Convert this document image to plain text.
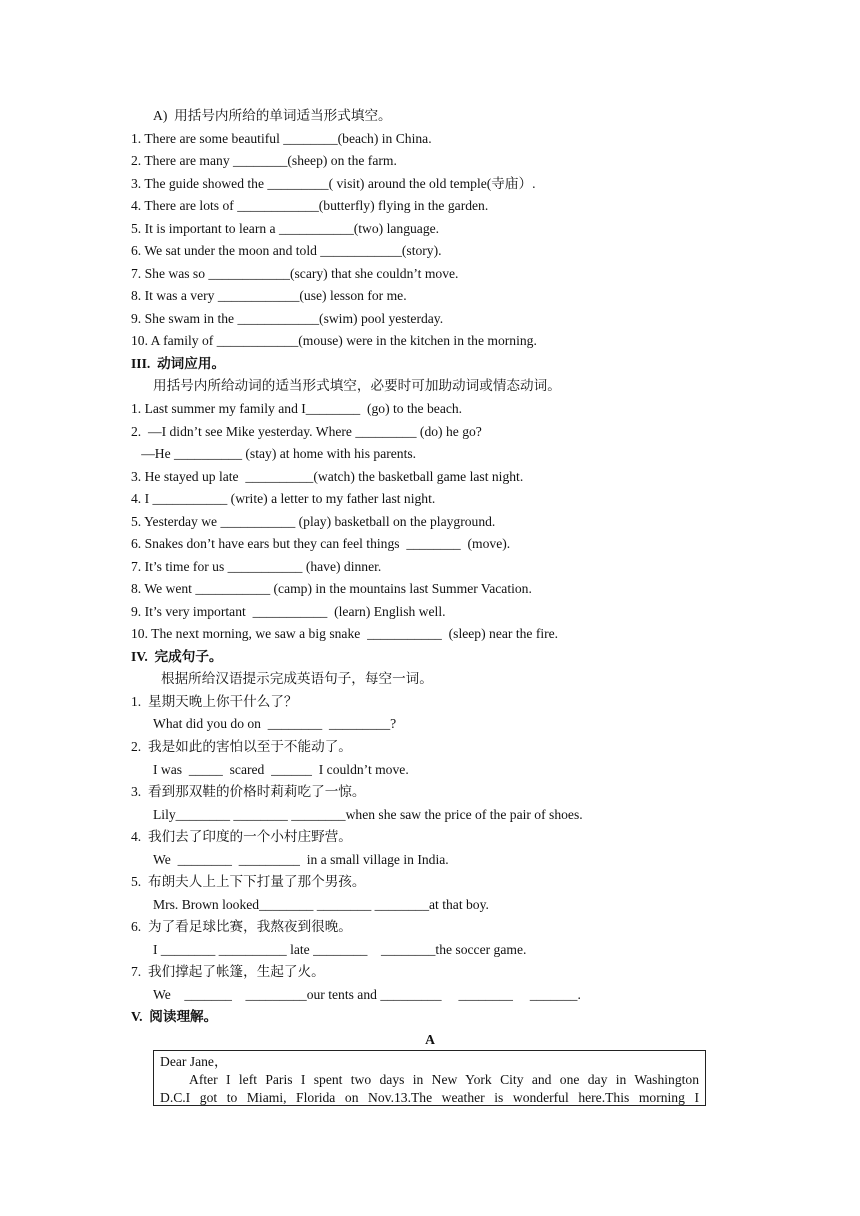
A)  用括号内所给的单词适当形式填空。
1. There are some beautiful ________(beach) in China.
2. There are many ________(sheep) on the farm.
3. The guide showed the _________( visit) around the old temple(寺庙）.
4. There are lots of ____________(butterfly) flying in the garden.
5. It is important to learn a ___________(two) language.
6. We sat under the moon and told ____________(story).
7. She was so ____________(scary) that she couldn’t move.
8. It was a very ____________(use) lesson for me.
9. She swam in the ____________(swim) pool yesterday.
10. A family of ____________(mouse) were in the kitchen in the morning.
III.  动词应用。
用括号内所给动词的适当形式填空，必要时可加助动词或情态动词。
1. Last summer my family and I________  (go) to the beach.
2.  —I didn’t see Mike yesterday. Where _________ (do) he go?
—He __________ (stay) at home with his parents.
3. He stayed up late  __________(watch) the basketball game last night.
4. I ___________ (write) a letter to my father last night.
5. Yesterday we ___________ (play) basketball on the playground.
6. Snakes don’t have ears but they can feel things  ________  (move).
7. It’s time for us ___________ (have) dinner.
8. We went ___________ (camp) in the mountains last Summer Vacation.
9. It’s very important  ___________  (learn) English well.
10. The next morning, we saw a big snake  ___________  (sleep) near the fire.
IV.  完成句子。
根据所给汉语提示完成英语句子，每空一词。
1.  星期天晚上你干什么了？
What did you do on  ________  _________?
2.  我是如此的害怕以至于不能动了。
I was  _____  scared  ______  I couldn’t move.
3.  看到那双鞋的价格时莉莉吃了一惊。
Lily________ ________ ________when she saw the price of the pair of shoes.
4.  我们去了印度的一个小村庄野营。
We  ________  _________  in a small village in India.
5.  布朗夫人上上下下打量了那个男孩。
Mrs. Brown looked________ ________ ________at that boy.
6.  为了看足球比赛，我熬夜到很晚。
I ________ __________ late ________    ________the soccer game.
7.  我们撑起了帐篷，生起了火。
We    _______    _________our tents and _________     ________     _______.
V.  阅读理解。
A
Dear Jane，
After I left Paris I spent two days in New York City and one day in Washington
D.C.I got to Miami, Florida on Nov.13.The weather is wonderful here.This morning I
